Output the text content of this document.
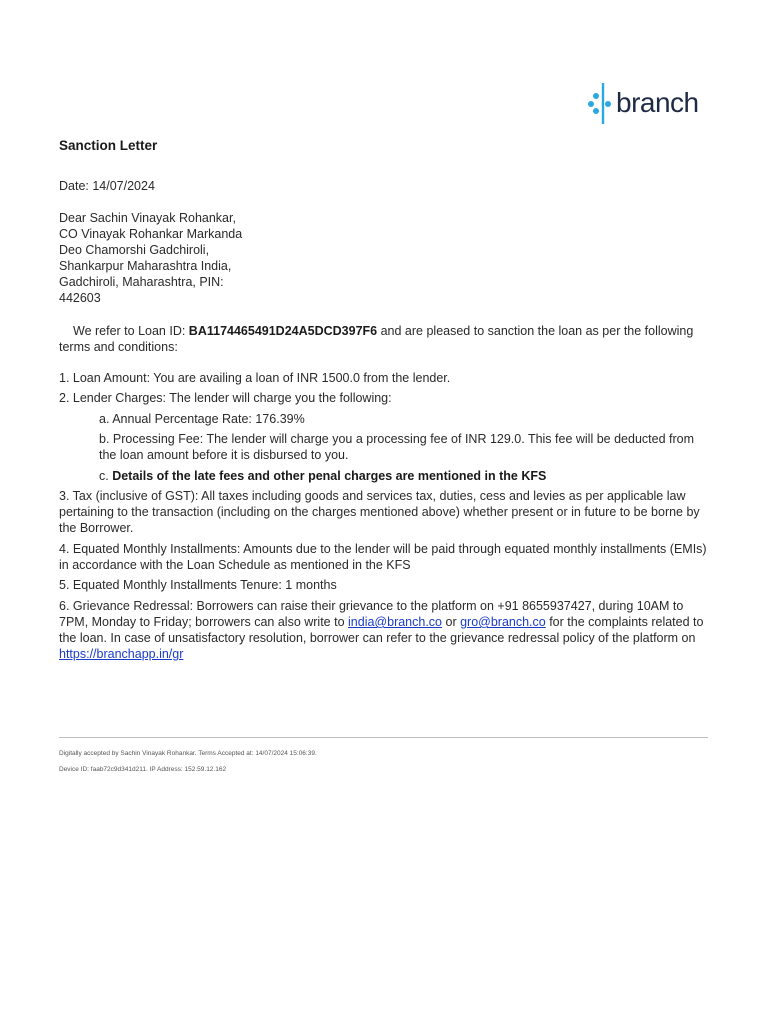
branch
Sanction Letter
Date: 14/07/2024
Dear Sachin Vinayak Rohankar,
CO Vinayak Rohankar Markanda
Deo Chamorshi Gadchiroli,
Shankarpur Maharashtra India,
Gadchiroli, Maharashtra, PIN:
442603
We refer to Loan ID: BA1174465491D24A5DCD397F6 and are pleased to sanction the loan as per the following terms and conditions:
1. Loan Amount: You are availing a loan of INR 1500.0 from the lender.
2. Lender Charges: The lender will charge you the following:
a. Annual Percentage Rate: 176.39%
b. Processing Fee: The lender will charge you a processing fee of INR 129.0. This fee will be deducted from the loan amount before it is disbursed to you.
c. Details of the late fees and other penal charges are mentioned in the KFS
3. Tax (inclusive of GST): All taxes including goods and services tax, duties, cess and levies as per applicable law pertaining to the transaction (including on the charges mentioned above) whether present or in future to be borne by the Borrower.
4. Equated Monthly Installments: Amounts due to the lender will be paid through equated monthly installments (EMIs) in accordance with the Loan Schedule as mentioned in the KFS
5. Equated Monthly Installments Tenure: 1 months
6. Grievance Redressal: Borrowers can raise their grievance to the platform on +91 8655937427, during 10AM to 7PM, Monday to Friday; borrowers can also write to india@branch.co or gro@branch.co for the complaints related to the loan. In case of unsatisfactory resolution, borrower can refer to the grievance redressal policy of the platform on https://branchapp.in/gr
Digitally accepted by Sachin Vinayak Rohankar. Terms Accepted at: 14/07/2024 15:06:39.
Device ID: faab72c9d341d211. IP Address: 152.59.12.162
